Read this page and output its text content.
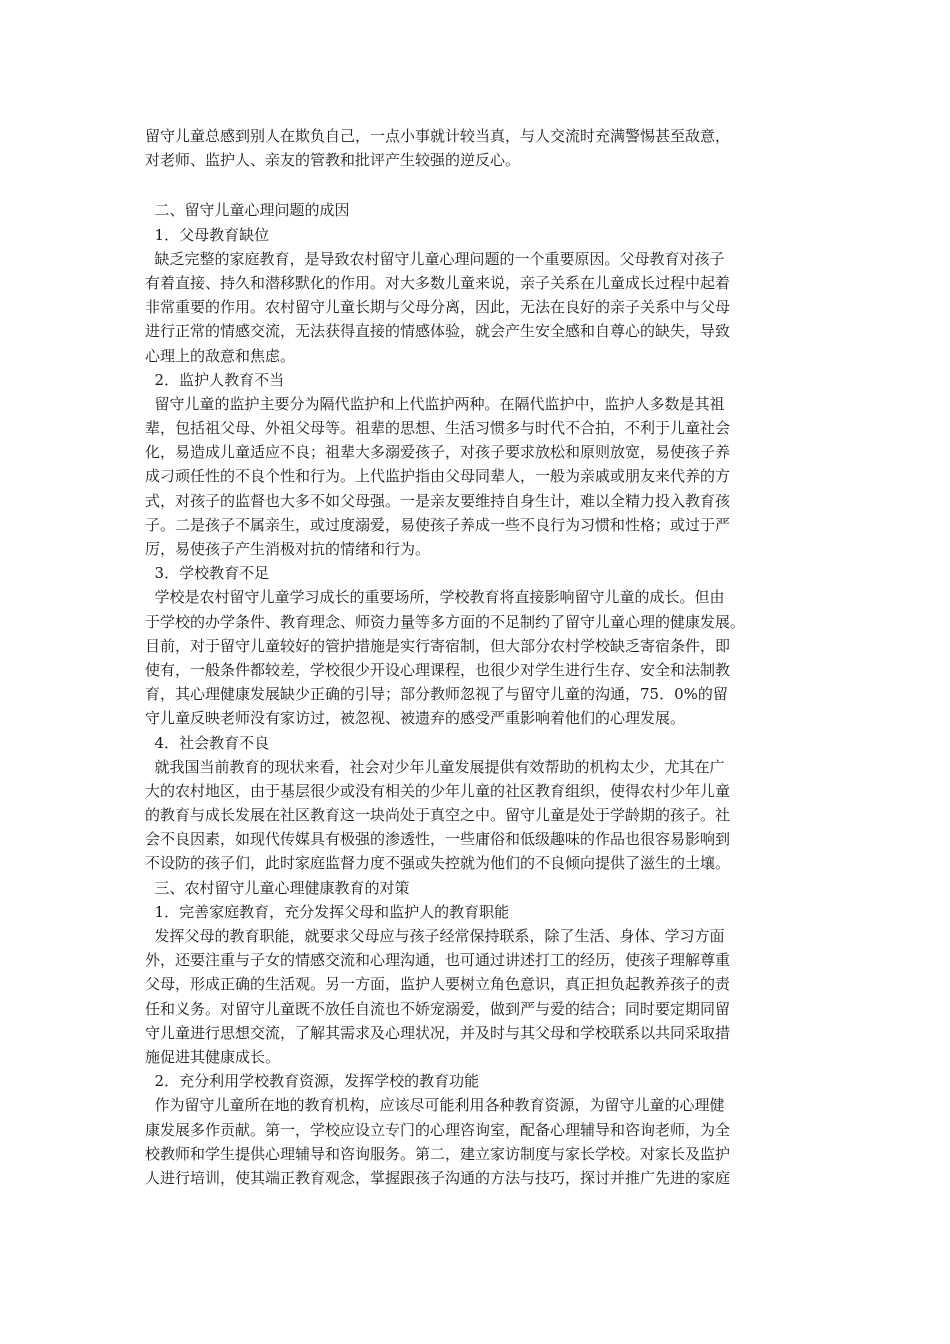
留守儿童总感到别人在欺负自己，一点小事就计较当真，与人交流时充满警惕甚至敌意，
对老师、监护人、亲友的管教和批评产生较强的逆反心。
二、留守儿童心理问题的成因
1．父母教育缺位
缺乏完整的家庭教育，是导致农村留守儿童心理问题的一个重要原因。父母教育对孩子
有着直接、持久和潜移默化的作用。对大多数儿童来说，亲子关系在儿童成长过程中起着
非常重要的作用。农村留守儿童长期与父母分离，因此，无法在良好的亲子关系中与父母
进行正常的情感交流，无法获得直接的情感体验，就会产生安全感和自尊心的缺失，导致
心理上的敌意和焦虑。
2．监护人教育不当
留守儿童的监护主要分为隔代监护和上代监护两种。在隔代监护中，监护人多数是其祖
辈，包括祖父母、外祖父母等。祖辈的思想、生活习惯多与时代不合拍，不利于儿童社会
化，易造成儿童适应不良；祖辈大多溺爱孩子，对孩子要求放松和原则放宽，易使孩子养
成刁顽任性的不良个性和行为。上代监护指由父母同辈人，一般为亲戚或朋友来代养的方
式，对孩子的监督也大多不如父母强。一是亲友要维持自身生计，难以全精力投入教育孩
子。二是孩子不属亲生，或过度溺爱，易使孩子养成一些不良行为习惯和性格；或过于严
厉，易使孩子产生消极对抗的情绪和行为。
3．学校教育不足
学校是农村留守儿童学习成长的重要场所，学校教育将直接影响留守儿童的成长。但由
于学校的办学条件、教育理念、师资力量等多方面的不足制约了留守儿童心理的健康发展。
目前，对于留守儿童较好的管护措施是实行寄宿制，但大部分农村学校缺乏寄宿条件，即
使有，一般条件都较差，学校很少开设心理课程，也很少对学生进行生存、安全和法制教
育，其心理健康发展缺少正确的引导；部分教师忽视了与留守儿童的沟通，75．0%的留
守儿童反映老师没有家访过，被忽视、被遗弃的感受严重影响着他们的心理发展。
4．社会教育不良
就我国当前教育的现状来看，社会对少年儿童发展提供有效帮助的机构太少，尤其在广
大的农村地区，由于基层很少或没有相关的少年儿童的社区教育组织，使得农村少年儿童
的教育与成长发展在社区教育这一块尚处于真空之中。留守儿童是处于学龄期的孩子。社
会不良因素，如现代传媒具有极强的渗透性，一些庸俗和低级趣味的作品也很容易影响到
不设防的孩子们，此时家庭监督力度不强或失控就为他们的不良倾向提供了滋生的土壤。
三、农村留守儿童心理健康教育的对策
1．完善家庭教育，充分发挥父母和监护人的教育职能
发挥父母的教育职能，就要求父母应与孩子经常保持联系，除了生活、身体、学习方面
外，还要注重与子女的情感交流和心理沟通，也可通过讲述打工的经历，使孩子理解尊重
父母，形成正确的生活观。另一方面，监护人要树立角色意识，真正担负起教养孩子的责
任和义务。对留守儿童既不放任自流也不娇宠溺爱，做到严与爱的结合；同时要定期同留
守儿童进行思想交流，了解其需求及心理状况，并及时与其父母和学校联系以共同采取措
施促进其健康成长。
2．充分利用学校教育资源，发挥学校的教育功能
作为留守儿童所在地的教育机构，应该尽可能利用各种教育资源，为留守儿童的心理健
康发展多作贡献。第一，学校应设立专门的心理咨询室，配备心理辅导和咨询老师，为全
校教师和学生提供心理辅导和咨询服务。第二，建立家访制度与家长学校。对家长及监护
人进行培训，使其端正教育观念，掌握跟孩子沟通的方法与技巧，探讨并推广先进的家庭
